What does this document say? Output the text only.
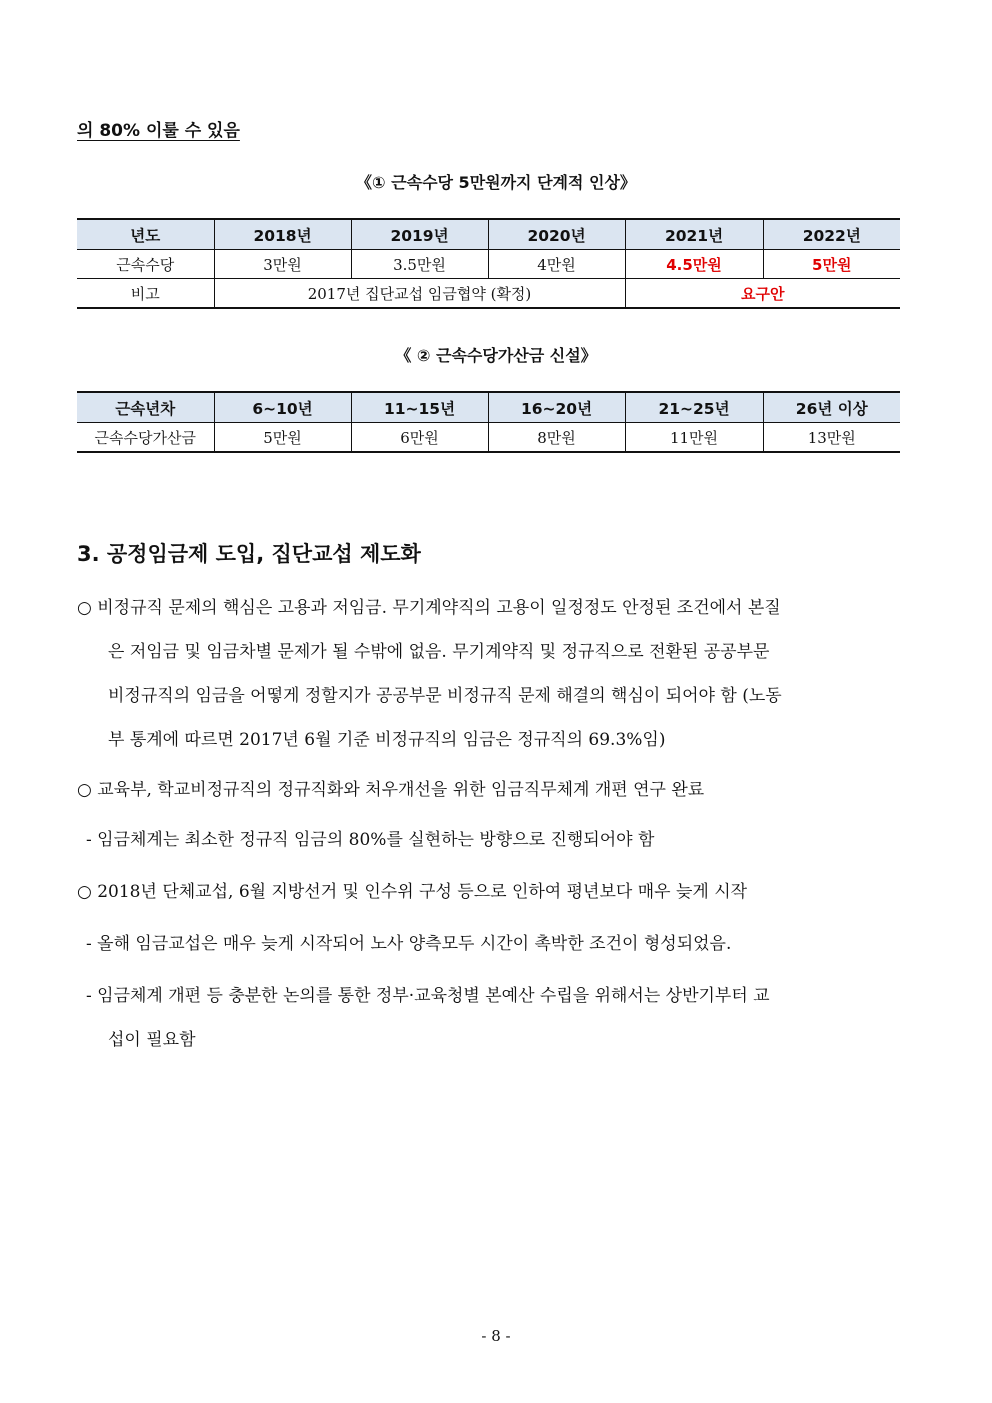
의 80% 이룰 수 있음
《① 근속수당 5만원까지 단계적 인상》
년도	2018년	2019년	2020년	2021년	2022년
근속수당	3만원	3.5만원	4만원	4.5만원	5만원
비고	2017년 집단교섭 임금협약 (확정)			요구안	
《 ② 근속수당가산금 신설》
근속년차	6~10년	11~15년	16~20년	21~25년	26년 이상
근속수당가산금	5만원	6만원	8만원	11만원	13만원
3. 공정임금제 도입, 집단교섭 제도화
○ 비정규직 문제의 핵심은 고용과 저임금. 무기계약직의 고용이 일정정도 안정된 조건에서 본질
은 저임금 및 임금차별 문제가 될 수밖에 없음. 무기계약직 및 정규직으로 전환된 공공부문
비정규직의 임금을 어떻게 정할지가 공공부문 비정규직 문제 해결의 핵심이 되어야 함 (노동
부 통계에 따르면 2017년 6월 기준 비정규직의 임금은 정규직의 69.3%임)
○ 교육부, 학교비정규직의 정규직화와 처우개선을 위한 임금직무체계 개편 연구 완료
- 임금체계는 최소한 정규직 임금의 80%를 실현하는 방향으로 진행되어야 함
○ 2018년 단체교섭, 6월 지방선거 및 인수위 구성 등으로 인하여 평년보다 매우 늦게 시작
- 올해 임금교섭은 매우 늦게 시작되어 노사 양측모두 시간이 촉박한 조건이 형성되었음.
- 임금체계 개편 등 충분한 논의를 통한 정부·교육청별 본예산 수립을 위해서는 상반기부터 교
섭이 필요함
- 8 -
